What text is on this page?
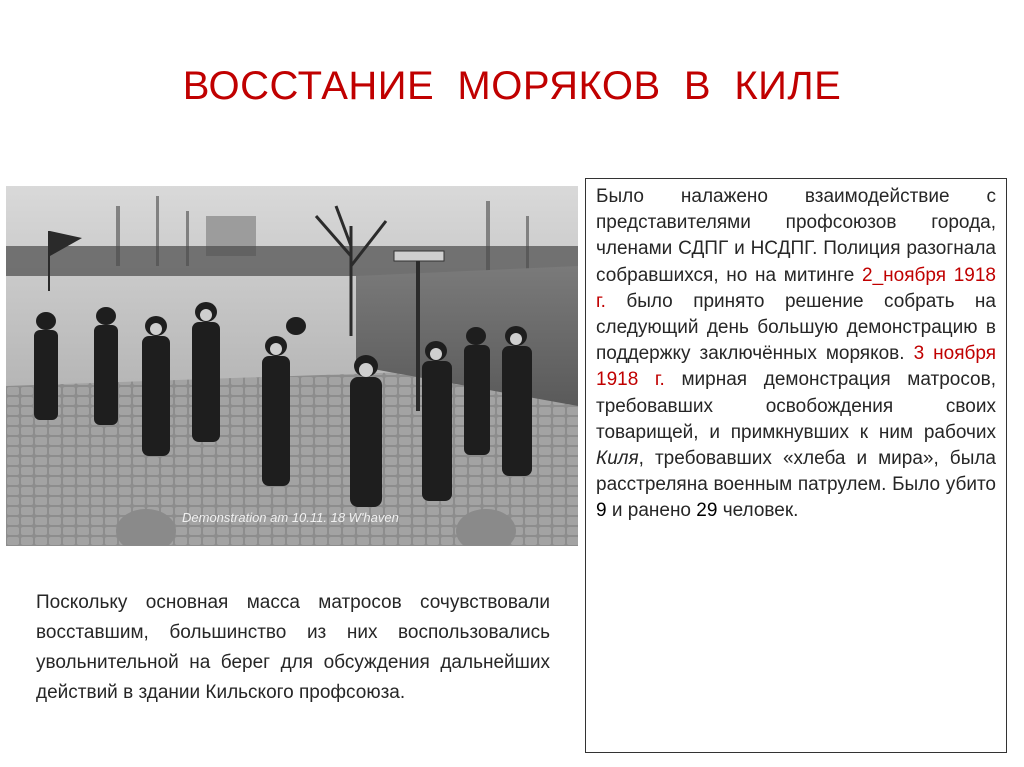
ВОССТАНИЕ  МОРЯКОВ  В  КИЛЕ
Demonstration am 10.11. 18 W'haven
Поскольку основная масса матросов сочувствовали восставшим, большинство из них воспользовались увольнительной на берег для обсуждения дальнейших действий в здании Кильского профсоюза.
Было налажено взаимодействие с представителями профсоюзов города, членами СДПГ и НСДПГ. Полиция разогнала собравшихся, но на митинге 2_ноября 1918 г. было принято решение собрать на следующий день большую демонстрацию в поддержку заключённых моряков. 3 ноября 1918 г. мирная демонстрация матросов, требовавших освобождения своих товарищей, и примкнувших к ним рабочих Киля, требовавших «хлеба и мира», была расстреляна военным патрулем. Было убито 9 и ранено 29 человек.
